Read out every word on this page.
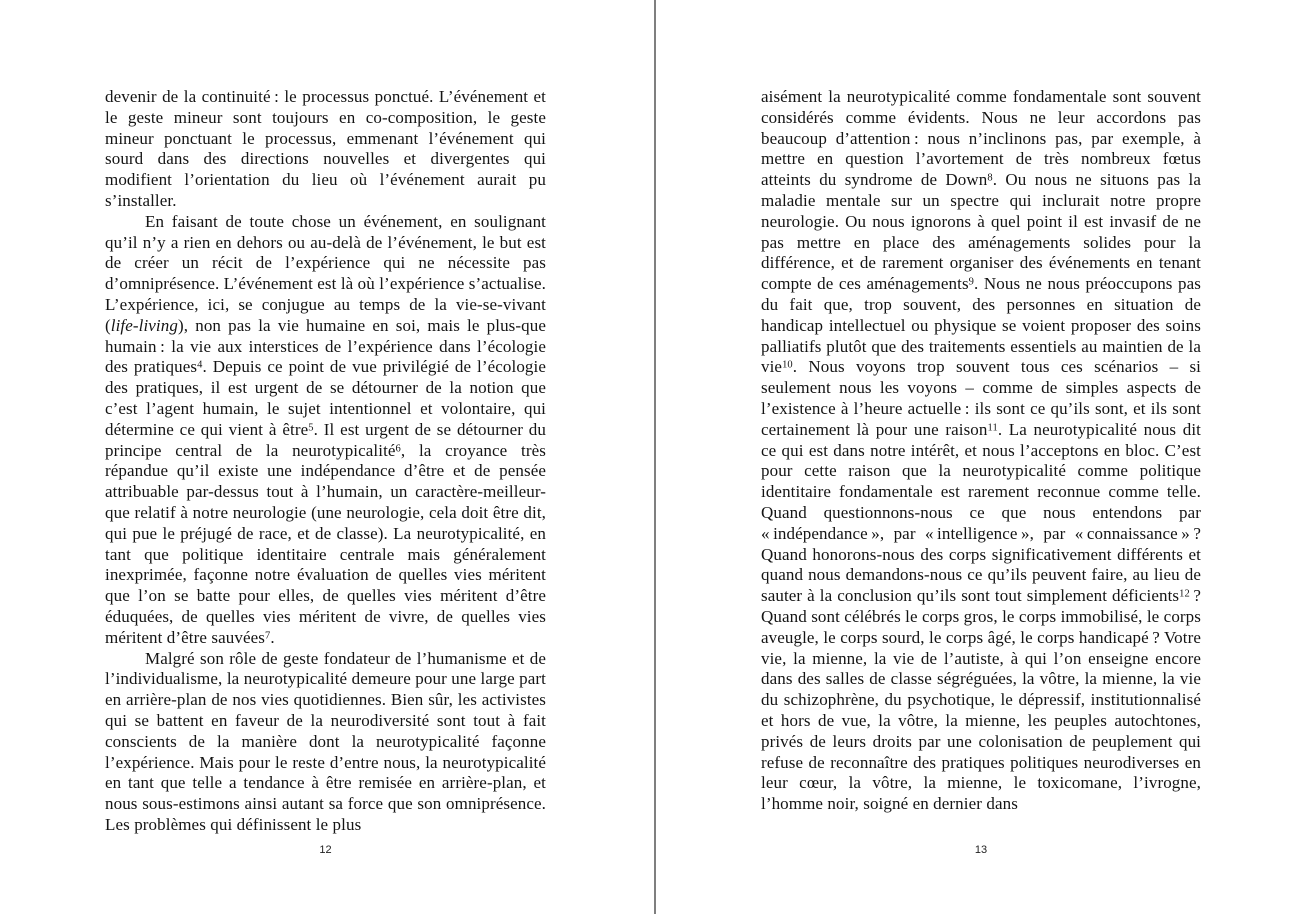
devenir de la continuité : le processus ponctué. L’événement et le geste mineur sont toujours en co-composition, le geste mineur ponctuant le processus, emmenant l’événement qui sourd dans des directions nouvelles et divergentes qui modifient l’orientation du lieu où l’événement aurait pu s’installer.

En faisant de toute chose un événement, en soulignant qu’il n’y a rien en dehors ou au-delà de l’événement, le but est de créer un récit de l’expérience qui ne nécessite pas d’omniprésence. L’événement est là où l’expérience s’actualise. L’expérience, ici, se conjugue au temps de la vie-se-vivant (life-living), non pas la vie humaine en soi, mais le plus-que humain : la vie aux interstices de l’expérience dans l’écologie des pratiques$^4$. Depuis ce point de vue privilégié de l’écologie des pratiques, il est urgent de se détourner de la notion que c’est l’agent humain, le sujet intentionnel et volontaire, qui détermine ce qui vient à être$^5$. Il est urgent de se détourner du principe central de la neurotypicalité$^6$, la croyance très répandue qu’il existe une indépendance d’être et de pensée attribuable par-dessus tout à l’humain, un caractère-meilleur-que relatif à notre neurologie (une neurologie, cela doit être dit, qui pue le préjugé de race, et de classe). La neurotypicalité, en tant que politique identitaire centrale mais généralement inexprimée, façonne notre évaluation de quelles vies méritent que l’on se batte pour elles, de quelles vies méritent d’être éduquées, de quelles vies méritent de vivre, de quelles vies méritent d’être sauvées$^7$.

Malgré son rôle de geste fondateur de l’humanisme et de l’individualisme, la neurotypicalité demeure pour une large part en arrière-plan de nos vies quotidiennes. Bien sûr, les activistes qui se battent en faveur de la neurodiversité sont tout à fait conscients de la manière dont la neurotypicalité façonne l’expérience. Mais pour le reste d’entre nous, la neurotypicalité en tant que telle a tendance à être remisée en arrière-plan, et nous sous-estimons ainsi autant sa force que son omniprésence. Les problèmes qui définissent le plus

12

aisément la neurotypicalité comme fondamentale sont souvent considérés comme évidents. Nous ne leur accordons pas beaucoup d’attention : nous n’inclinons pas, par exemple, à mettre en question l’avortement de très nombreux fœtus atteints du syndrome de Down$^8$. Ou nous ne situons pas la maladie mentale sur un spectre qui inclurait notre propre neurologie. Ou nous ignorons à quel point il est invasif de ne pas mettre en place des aménagements solides pour la différence, et de rarement organiser des événements en tenant compte de ces aménagements$^9$. Nous ne nous préoccupons pas du fait que, trop souvent, des personnes en situation de handicap intellectuel ou physique se voient proposer des soins palliatifs plutôt que des traitements essentiels au maintien de la vie$^{10}$. Nous voyons trop souvent tous ces scénarios – si seulement nous les voyons – comme de simples aspects de l’existence à l’heure actuelle : ils sont ce qu’ils sont, et ils sont certainement là pour une raison$^{11}$. La neurotypicalité nous dit ce qui est dans notre intérêt, et nous l’acceptons en bloc. C’est pour cette raison que la neurotypicalité comme politique identitaire fondamentale est rarement reconnue comme telle. Quand questionnons-nous ce que nous entendons par « indépendance », par « intelligence », par « connaissance » ? Quand honorons-nous des corps significativement différents et quand nous demandons-nous ce qu’ils peuvent faire, au lieu de sauter à la conclusion qu’ils sont tout simplement déficients$^{12}$ ? Quand sont célébrés le corps gros, le corps immobilisé, le corps aveugle, le corps sourd, le corps âgé, le corps handicapé ? Votre vie, la mienne, la vie de l’autiste, à qui l’on enseigne encore dans des salles de classe ségréguées, la vôtre, la mienne, la vie du schizophrène, du psychotique, le dépressif, institutionnalisé et hors de vue, la vôtre, la mienne, les peuples autochtones, privés de leurs droits par une colonisation de peuplement qui refuse de reconnaître des pratiques politiques neurodiverses en leur cœur, la vôtre, la mienne, le toxicomane, l’ivrogne, l’homme noir, soigné en dernier dans

13
